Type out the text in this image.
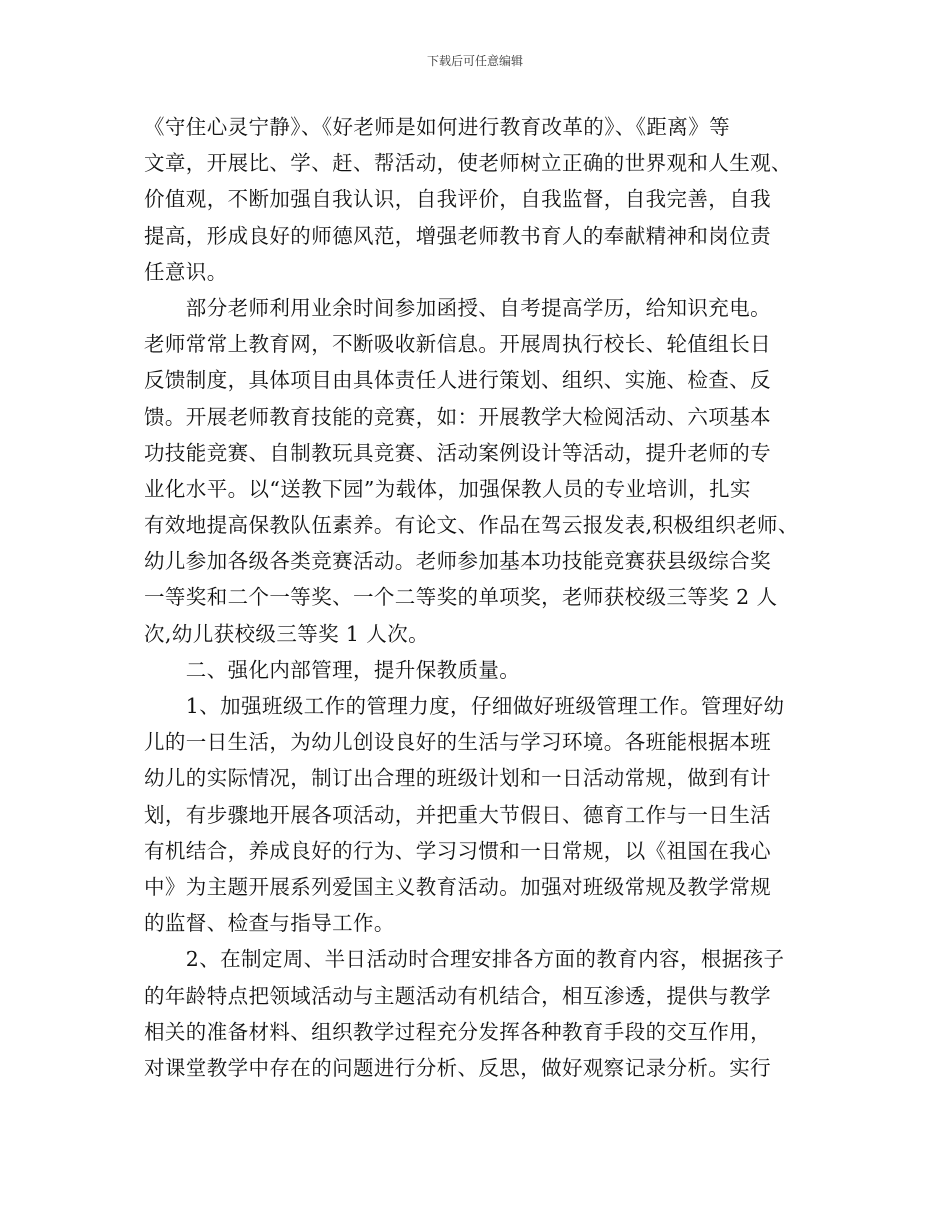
下载后可任意编辑
《守住心灵宁静》、《好老师是如何进行教育改革的》、《距离》等
文章，开展比、学、赶、帮活动，使老师树立正确的世界观和人生观、
价值观，不断加强自我认识，自我评价，自我监督，自我完善，自我
提高，形成良好的师德风范，增强老师教书育人的奉献精神和岗位责
任意识。
　　部分老师利用业余时间参加函授、自考提高学历，给知识充电。
老师常常上教育网，不断吸收新信息。开展周执行校长、轮值组长日
反馈制度，具体项目由具体责任人进行策划、组织、实施、检查、反
馈。开展老师教育技能的竞赛，如：开展教学大检阅活动、六项基本
功技能竞赛、自制教玩具竞赛、活动案例设计等活动，提升老师的专
业化水平。以“送教下园”为载体，加强保教人员的专业培训，扎实
有效地提高保教队伍素养。有论文、作品在驾云报发表,积极组织老师、
幼儿参加各级各类竞赛活动。老师参加基本功技能竞赛获县级综合奖
一等奖和二个一等奖、一个二等奖的单项奖，老师获校级三等奖 2 人
次,幼儿获校级三等奖 1 人次。
　　二、强化内部管理，提升保教质量。
　　1、加强班级工作的管理力度，仔细做好班级管理工作。管理好幼
儿的一日生活，为幼儿创设良好的生活与学习环境。各班能根据本班
幼儿的实际情况，制订出合理的班级计划和一日活动常规，做到有计
划，有步骤地开展各项活动，并把重大节假日、德育工作与一日生活
有机结合，养成良好的行为、学习习惯和一日常规，以《祖国在我心
中》为主题开展系列爱国主义教育活动。加强对班级常规及教学常规
的监督、检查与指导工作。
　　2、在制定周、半日活动时合理安排各方面的教育内容，根据孩子
的年龄特点把领域活动与主题活动有机结合，相互渗透，提供与教学
相关的准备材料、组织教学过程充分发挥各种教育手段的交互作用，
对课堂教学中存在的问题进行分析、反思，做好观察记录分析。实行
